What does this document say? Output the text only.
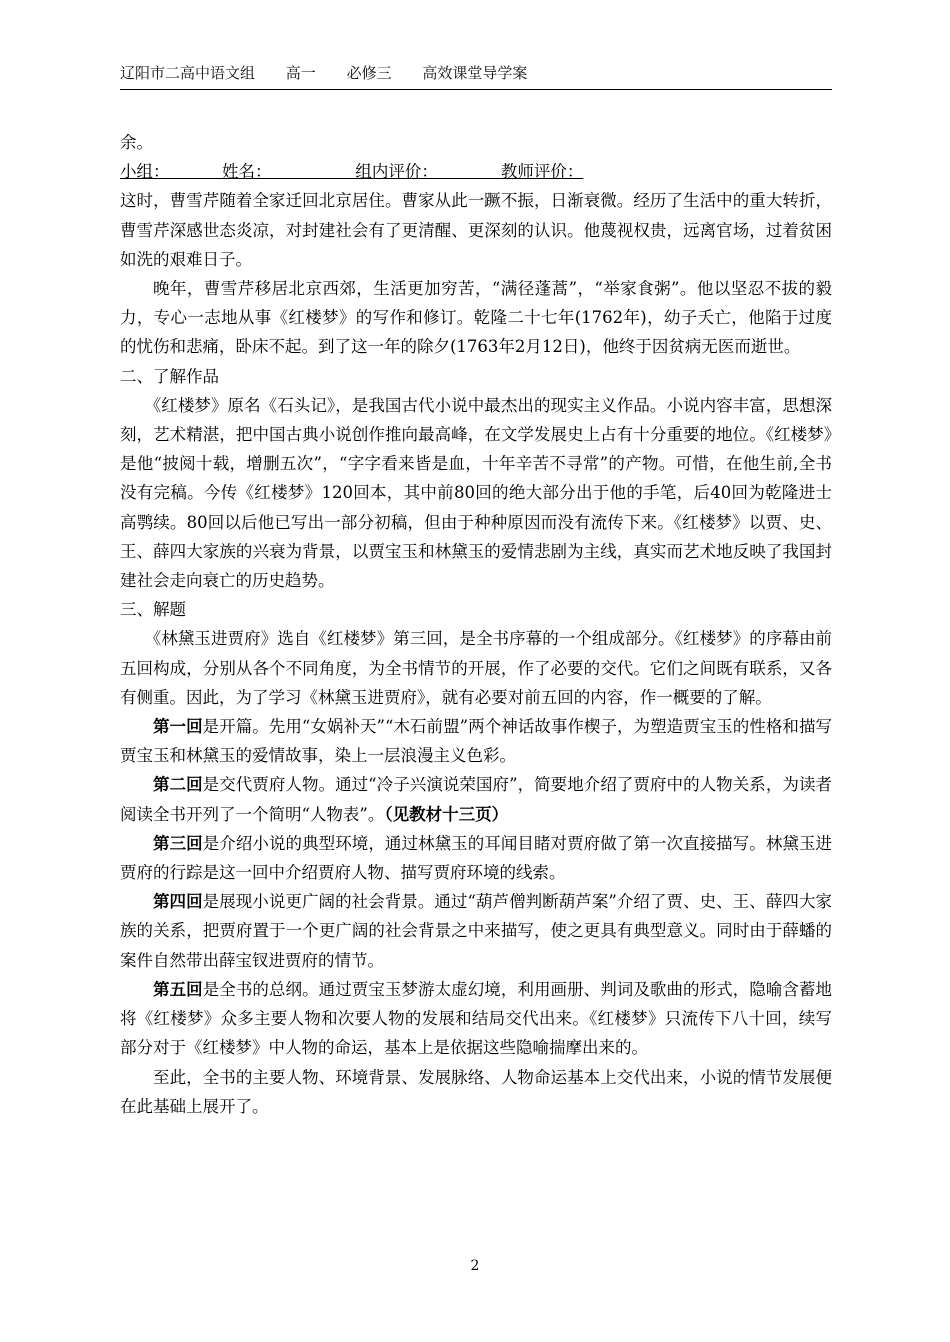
辽阳市二高中语文组 高一 必修三 高效课堂导学案

余。

小组：	姓名：	组内评价：	教师评价：

这时，曹雪芹随着全家迁回北京居住。曹家从此一蹶不振，日渐衰微。经历了生活中的重大转折，曹雪芹深感世态炎凉，对封建社会有了更清醒、更深刻的认识。他蔑视权贵，远离官场，过着贫困如洗的艰难日子。

晚年，曹雪芹移居北京西郊，生活更加穷苦，“满径蓬蒿”，“举家食粥”。他以坚忍不拔的毅力，专心一志地从事《红楼梦》的写作和修订。乾隆二十七年(1762年)，幼子夭亡，他陷于过度的忧伤和悲痛，卧床不起。到了这一年的除夕(1763年2月12日)，他终于因贫病无医而逝世。

二、了解作品

《红楼梦》原名《石头记》，是我国古代小说中最杰出的现实主义作品。小说内容丰富，思想深刻，艺术精湛，把中国古典小说创作推向最高峰，在文学发展史上占有十分重要的地位。《红楼梦》是他“披阅十载，增删五次”，“字字看来皆是血，十年辛苦不寻常”的产物。可惜，在他生前,全书没有完稿。今传《红楼梦》120回本，其中前80回的绝大部分出于他的手笔，后40回为乾隆进士高鹗续。80回以后他已写出一部分初稿，但由于种种原因而没有流传下来。《红楼梦》以贾、史、王、薛四大家族的兴衰为背景，以贾宝玉和林黛玉的爱情悲剧为主线，真实而艺术地反映了我国封建社会走向衰亡的历史趋势。

三、解题

《林黛玉进贾府》选自《红楼梦》第三回，是全书序幕的一个组成部分。《红楼梦》的序幕由前五回构成，分别从各个不同角度，为全书情节的开展，作了必要的交代。它们之间既有联系，又各有侧重。因此，为了学习《林黛玉进贾府》，就有必要对前五回的内容，作一概要的了解。

第一回是开篇。先用“女娲补天”“木石前盟”两个神话故事作楔子，为塑造贾宝玉的性格和描写贾宝玉和林黛玉的爱情故事，染上一层浪漫主义色彩。

第二回是交代贾府人物。通过“冷子兴演说荣国府”，简要地介绍了贾府中的人物关系，为读者阅读全书开列了一个简明“人物表”。（见教材十三页）

第三回是介绍小说的典型环境，通过林黛玉的耳闻目睹对贾府做了第一次直接描写。林黛玉进贾府的行踪是这一回中介绍贾府人物、描写贾府环境的线索。

第四回是展现小说更广阔的社会背景。通过“葫芦僧判断葫芦案”介绍了贾、史、王、薛四大家族的关系，把贾府置于一个更广阔的社会背景之中来描写，使之更具有典型意义。同时由于薛蟠的案件自然带出薛宝钗进贾府的情节。

第五回是全书的总纲。通过贾宝玉梦游太虚幻境，利用画册、判词及歌曲的形式，隐喻含蓄地将《红楼梦》众多主要人物和次要人物的发展和结局交代出来。《红楼梦》只流传下八十回，续写部分对于《红楼梦》中人物的命运，基本上是依据这些隐喻揣摩出来的。

至此，全书的主要人物、环境背景、发展脉络、人物命运基本上交代出来，小说的情节发展便在此基础上展开了。

2
